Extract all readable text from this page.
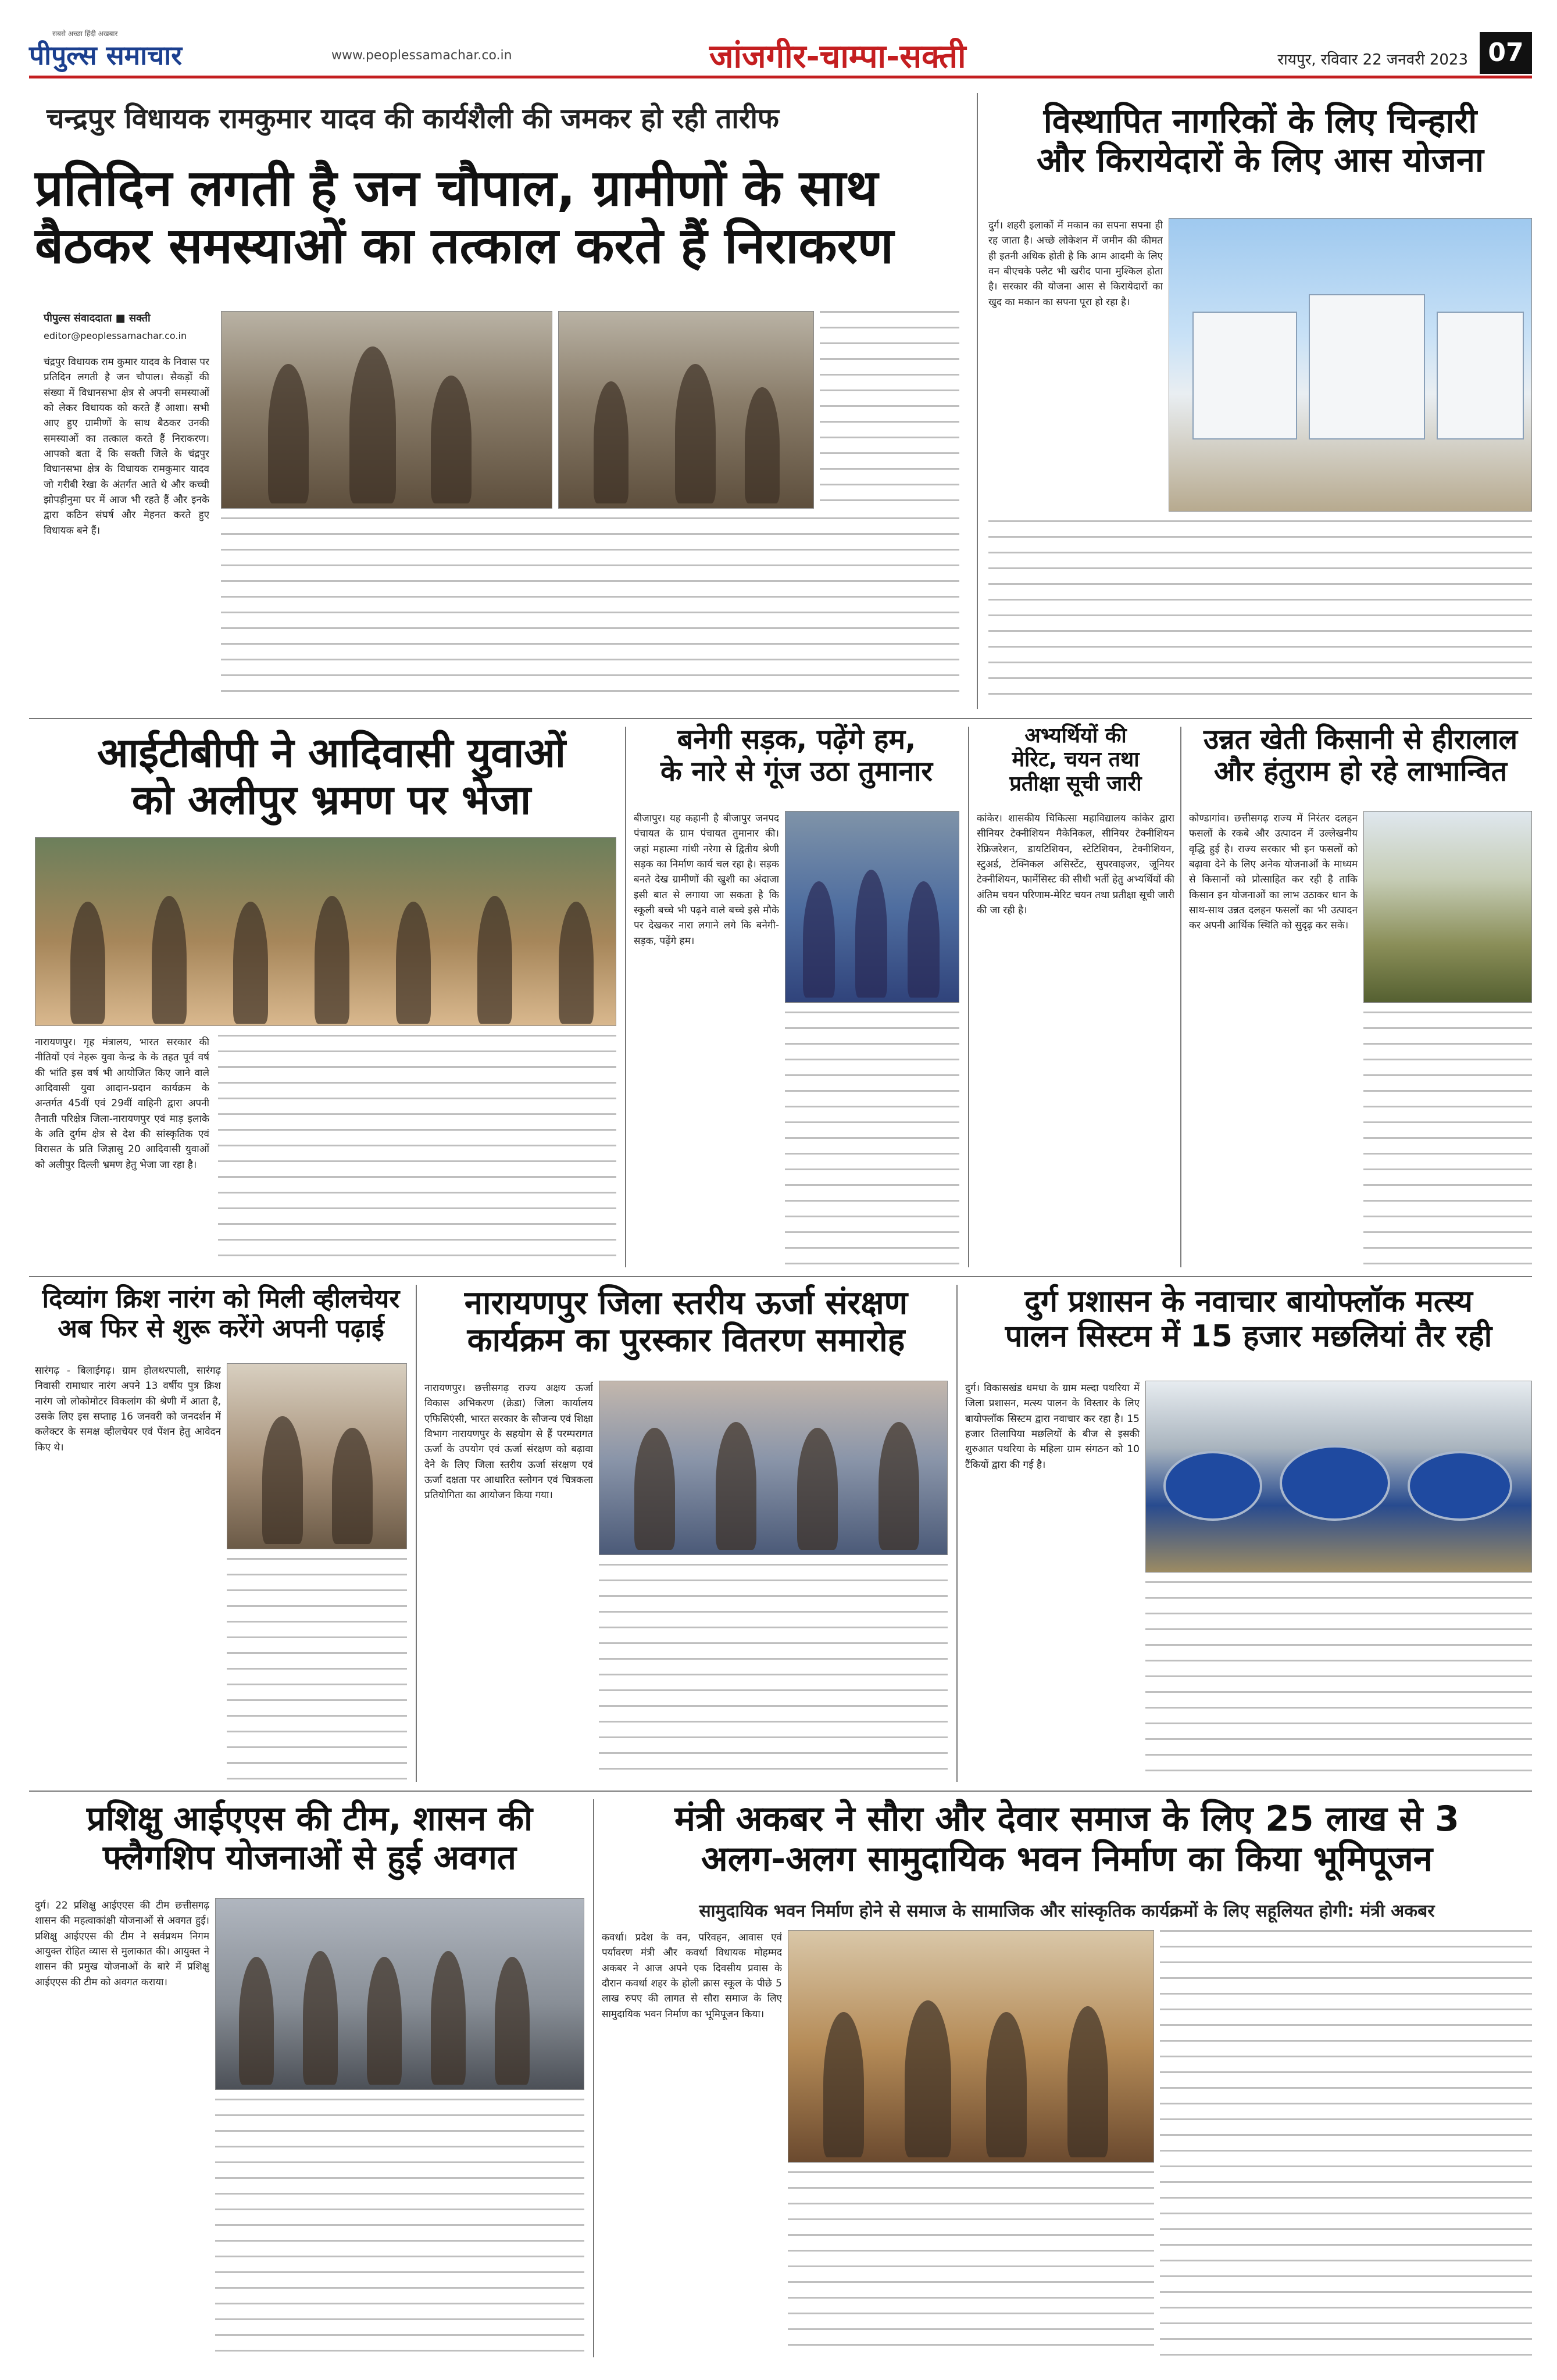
सबसे अच्छा हिंदी अखबार
पीपुल्स समाचार	www.peoplessamachar.co.in	जांजगीर-चाम्पा-सक्ती	रायपुर, रविवार 22 जनवरी 2023 07
चन्द्रपुर विधायक रामकुमार यादव की कार्यशैली की जमकर हो रही तारीफ
प्रतिदिन लगती है जन चौपाल, ग्रामीणों के साथ
बैठकर समस्याओं का तत्काल करते हैं निराकरण
पीपुल्स संवाददाता ■ सक्ती
editor@peoplessamachar.co.in

चंद्रपुर विधायक राम कुमार यादव के निवास पर प्रतिदिन लगती है जन चौपाल। सैकड़ों की संख्या में विधानसभा क्षेत्र से अपनी समस्याओं को लेकर विधायक को करते हैं आशा। सभी आए हुए ग्रामीणों के साथ बैठकर उनकी समस्याओं का तत्काल करते हैं निराकरण। आपको बता दें कि सक्ती जिले के चंद्रपुर विधानसभा क्षेत्र के विधायक रामकुमार यादव जो गरीबी रेखा के अंतर्गत आते थे और कच्ची झोपड़ीनुमा घर में आज भी रहते हैं और इनके द्वारा कठिन संघर्ष और मेहनत करते हुए विधायक बने हैं।

विस्थापित नागरिकों के लिए चिन्हारी
और किरायेदारों के लिए आस योजना

दुर्ग। शहरी इलाकों में मकान का सपना सपना ही रह जाता है। अच्छे लोकेशन में जमीन की कीमत ही इतनी अधिक होती है कि आम आदमी के लिए वन बीएचके फ्लैट भी खरीद पाना मुश्किल होता है। सरकार की योजना आस से किरायेदारों का खुद का मकान का सपना पूरा हो रहा है।

आईटीबीपी ने आदिवासी युवाओं
को अलीपुर भ्रमण पर भेजा

नारायणपुर। गृह मंत्रालय, भारत सरकार की नीतियों एवं नेहरू युवा केन्द्र के के तहत पूर्व वर्ष की भांति इस वर्ष भी आयोजित किए जाने वाले आदिवासी युवा आदान-प्रदान कार्यक्रम के अन्तर्गत 45वीं एवं 29वीं वाहिनी द्वारा अपनी तैनाती परिक्षेत्र जिला-नारायणपुर एवं माड़ इलाके के अति दुर्गम क्षेत्र से देश की सांस्कृतिक एवं विरासत के प्रति जिज्ञासु 20 आदिवासी युवाओं को अलीपुर दिल्ली भ्रमण हेतु भेजा जा रहा है।

बनेगी सड़क, पढ़ेंगे हम,
के नारे से गूंज उठा तुमानार

बीजापुर। यह कहानी है बीजापुर जनपद पंचायत के ग्राम पंचायत तुमानार की। जहां महात्मा गांधी नरेगा से द्वितीय श्रेणी सड़क का निर्माण कार्य चल रहा है। सड़क बनते देख ग्रामीणों की खुशी का अंदाजा इसी बात से लगाया जा सकता है कि स्कूली बच्चे भी पढ़ने वाले बच्चे इसे मौके पर देखकर नारा लगाने लगे कि बनेगी-सड़क, पढ़ेंगे हम।

अभ्यर्थियों की
मेरिट, चयन तथा
प्रतीक्षा सूची जारी

कांकेर। शासकीय चिकित्सा महाविद्यालय कांकेर द्वारा सीनियर टेक्नीशियन मैकेनिकल, सीनियर टेक्नीशियन रेफ्रिजरेशन, डायटिशियन, स्टेटिशियन, टेक्नीशियन, स्टुअर्ड, टेक्निकल असिस्टेंट, सुपरवाइजर, जूनियर टेक्नीशियन, फार्मेसिस्ट की सीधी भर्ती हेतु अभ्यर्थियों की अंतिम चयन परिणाम-मेरिट चयन तथा प्रतीक्षा सूची जारी की जा रही है।

उन्नत खेती किसानी से हीरालाल
और हंतुराम हो रहे लाभान्वित

कोण्डागांव। छत्तीसगढ़ राज्य में निरंतर दलहन फसलों के रकबे और उत्पादन में उल्लेखनीय वृद्धि हुई है। राज्य सरकार भी इन फसलों को बढ़ावा देने के लिए अनेक योजनाओं के माध्यम से किसानों को प्रोत्साहित कर रही है ताकि किसान इन योजनाओं का लाभ उठाकर धान के साथ-साथ उन्नत दलहन फसलों का भी उत्पादन कर अपनी आर्थिक स्थिति को सुदृढ़ कर सके।

दिव्यांग क्रिश नारंग को मिली व्हीलचेयर
अब फिर से शुरू करेंगे अपनी पढ़ाई

सारंगढ़ - बिलाईगढ़। ग्राम होलथरपाली, सारंगढ़ निवासी रामाधार नारंग अपने 13 वर्षीय पुत्र क्रिश नारंग जो लोकोमोटर विकलांग की श्रेणी में आता है, उसके लिए इस सप्ताह 16 जनवरी को जनदर्शन में कलेक्टर के समक्ष व्हीलचेयर एवं पेंशन हेतु आवेदन किए थे।

नारायणपुर जिला स्तरीय ऊर्जा संरक्षण
कार्यक्रम का पुरस्कार वितरण समारोह

नारायणपुर। छत्तीसगढ़ राज्य अक्षय ऊर्जा विकास अभिकरण (क्रेडा) जिला कार्यालय एफिसिएंसी, भारत सरकार के सौजन्य एवं शिक्षा विभाग नारायणपुर के सहयोग से हैं परम्परागत ऊर्जा के उपयोग एवं ऊर्जा संरक्षण को बढ़ावा देने के लिए जिला स्तरीय ऊर्जा संरक्षण एवं ऊर्जा दक्षता पर आधारित स्लोगन एवं चित्रकला प्रतियोगिता का आयोजन किया गया।

दुर्ग प्रशासन के नवाचार बायोफ्लॉक मत्स्य
पालन सिस्टम में 15 हजार मछलियां तैर रही

दुर्ग। विकासखंड धमधा के ग्राम मल्दा पथरिया में जिला प्रशासन, मत्स्य पालन के विस्तार के लिए बायोफ्लॉक सिस्टम द्वारा नवाचार कर रहा है। 15 हजार तिलापिया मछलियों के बीज से इसकी शुरुआत पथरिया के महिला ग्राम संगठन को 10 टैंकियों द्वारा की गई है।

प्रशिक्षु आईएएस की टीम, शासन की
फ्लैगशिप योजनाओं से हुई अवगत

दुर्ग। 22 प्रशिक्षु आईएएस की टीम छत्तीसगढ़ शासन की महत्वाकांक्षी योजनाओं से अवगत हुई। प्रशिक्षु आईएएस की टीम ने सर्वप्रथम निगम आयुक्त रोहित व्यास से मुलाकात की। आयुक्त ने शासन की प्रमुख योजनाओं के बारे में प्रशिक्षु आईएएस की टीम को अवगत कराया।

मंत्री अकबर ने सौरा और देवार समाज के लिए 25 लाख से 3
अलग-अलग सामुदायिक भवन निर्माण का किया भूमिपूजन
सामुदायिक भवन निर्माण होने से समाज के सामाजिक और सांस्कृतिक कार्यक्रमों के लिए सहूलियत होगी: मंत्री अकबर

कवर्धा। प्रदेश के वन, परिवहन, आवास एवं पर्यावरण मंत्री और कवर्धा विधायक मोहम्मद अकबर ने आज अपने एक दिवसीय प्रवास के दौरान कवर्धा शहर के होली क्रास स्कूल के पीछे 5 लाख रुपए की लागत से सौरा समाज के लिए सामुदायिक भवन निर्माण का भूमिपूजन किया।
